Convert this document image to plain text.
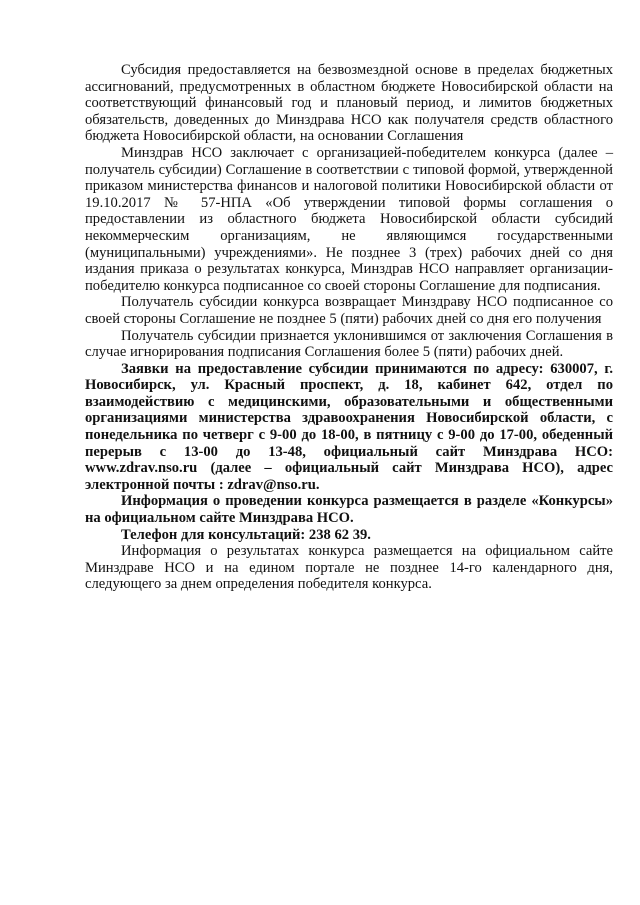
Субсидия предоставляется на безвозмездной основе в пределах бюджетных ассигнований, предусмотренных в областном бюджете Новосибирской области на соответствующий финансовый год и плановый период, и лимитов бюджетных обязательств, доведенных до Минздрава НСО как получателя средств областного бюджета Новосибирской области, на основании Соглашения

Минздрав НСО заключает с организацией-победителем конкурса (далее – получатель субсидии) Соглашение в соответствии с типовой формой, утвержденной приказом министерства финансов и налоговой политики Новосибирской области от 19.10.2017 № 57-НПА «Об утверждении типовой формы соглашения о предоставлении из областного бюджета Новосибирской области субсидий некоммерческим организациям, не являющимся государственными (муниципальными) учреждениями». Не позднее 3 (трех) рабочих дней со дня издания приказа о результатах конкурса, Минздрав НСО направляет организации-победителю конкурса подписанное со своей стороны Соглашение для подписания.

Получатель субсидии конкурса возвращает Минздраву НСО подписанное со своей стороны Соглашение не позднее 5 (пяти) рабочих дней со дня его получения

Получатель субсидии признается уклонившимся от заключения Соглашения в случае игнорирования подписания Соглашения более 5 (пяти) рабочих дней.

Заявки на предоставление субсидии принимаются по адресу: 630007, г. Новосибирск, ул. Красный проспект, д. 18, кабинет 642, отдел по взаимодействию с медицинскими, образовательными и общественными организациями министерства здравоохранения Новосибирской области, с понедельника по четверг с 9-00 до 18-00, в пятницу с 9-00 до 17-00, обеденный перерыв с 13-00 до 13-48, официальный сайт Минздрава НСО: www.zdrav.nso.ru (далее – официальный сайт Минздрава НСО), адрес электронной почты : zdrav@nso.ru.

Информация о проведении конкурса размещается в разделе «Конкурсы» на официальном сайте Минздрава НСО.

Телефон для консультаций: 238 62 39.

Информация о результатах конкурса размещается на официальном сайте Минздраве НСО и на едином портале не позднее 14-го календарного дня, следующего за днем определения победителя конкурса.
